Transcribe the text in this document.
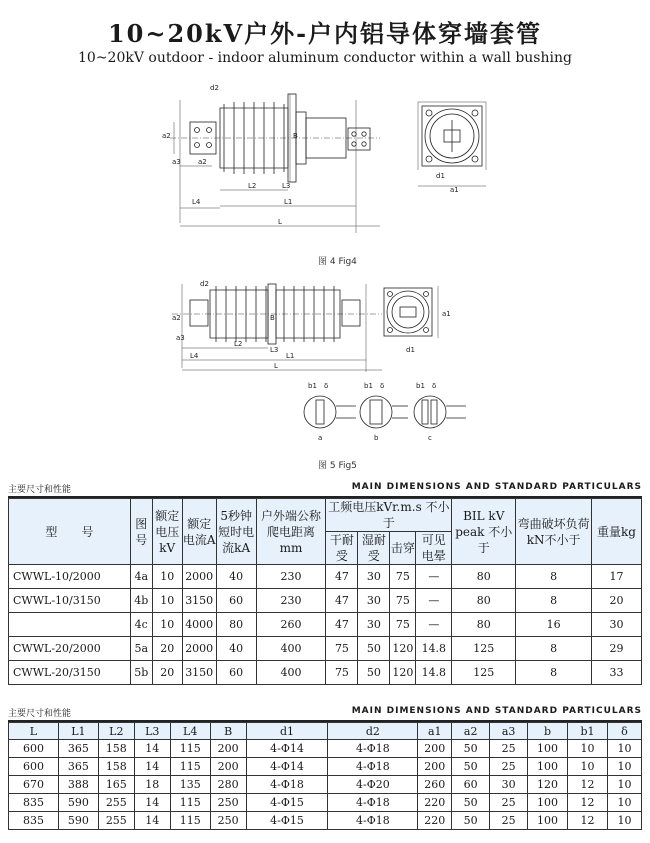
10~20kV户外-户内铝导体穿墙套管
10~20kV outdoor - indoor aluminum conductor within a wall bushing
d2
a2
a3 a2
B
L2	L3
L4	L1
L
d1
a1
图 4 Fig4
d2
a2
a3
L2
L3
B
L4	L1
L
a1
d1
b1 δ	b1 δ	b1 δ
a	b	c
图 5 Fig5
主要尺寸和性能	MAIN DIMENSIONS AND STANDARD PARTICULARS
型　　号	图号	额定电压kV	额定电流A	5秒钟短时电流kA	户外端公称爬电距离mm	工频电压kVr.m.s 不小于				BIL kV peak 不小于	弯曲破坏负荷 kN不小于	重量kg
						干耐受	湿耐受	击穿	可见电晕			
CWWL-10/2000	4a	10	2000	40	230	47	30	75	—	80	8	17
CWWL-10/3150	4b	10	3150	60	230	47	30	75	—	80	8	20
	4c	10	4000	80	260	47	30	75	—	80	16	30
CWWL-20/2000	5a	20	2000	40	400	75	50	120	14.8	125	8	29
CWWL-20/3150	5b	20	3150	60	400	75	50	120	14.8	125	8	33
主要尺寸和性能	MAIN DIMENSIONS AND STANDARD PARTICULARS
L	L1	L2	L3	L4	B	d1	d2	a1	a2	a3	b	b1	δ
600	365	158	14	115	200	4-Φ14	4-Φ18	200	50	25	100	10	10
600	365	158	14	115	200	4-Φ14	4-Φ18	200	50	25	100	10	10
670	388	165	18	135	280	4-Φ18	4-Φ20	260	60	30	120	12	10
835	590	255	14	115	250	4-Φ15	4-Φ18	220	50	25	100	12	10
835	590	255	14	115	250	4-Φ15	4-Φ18	220	50	25	100	12	10
